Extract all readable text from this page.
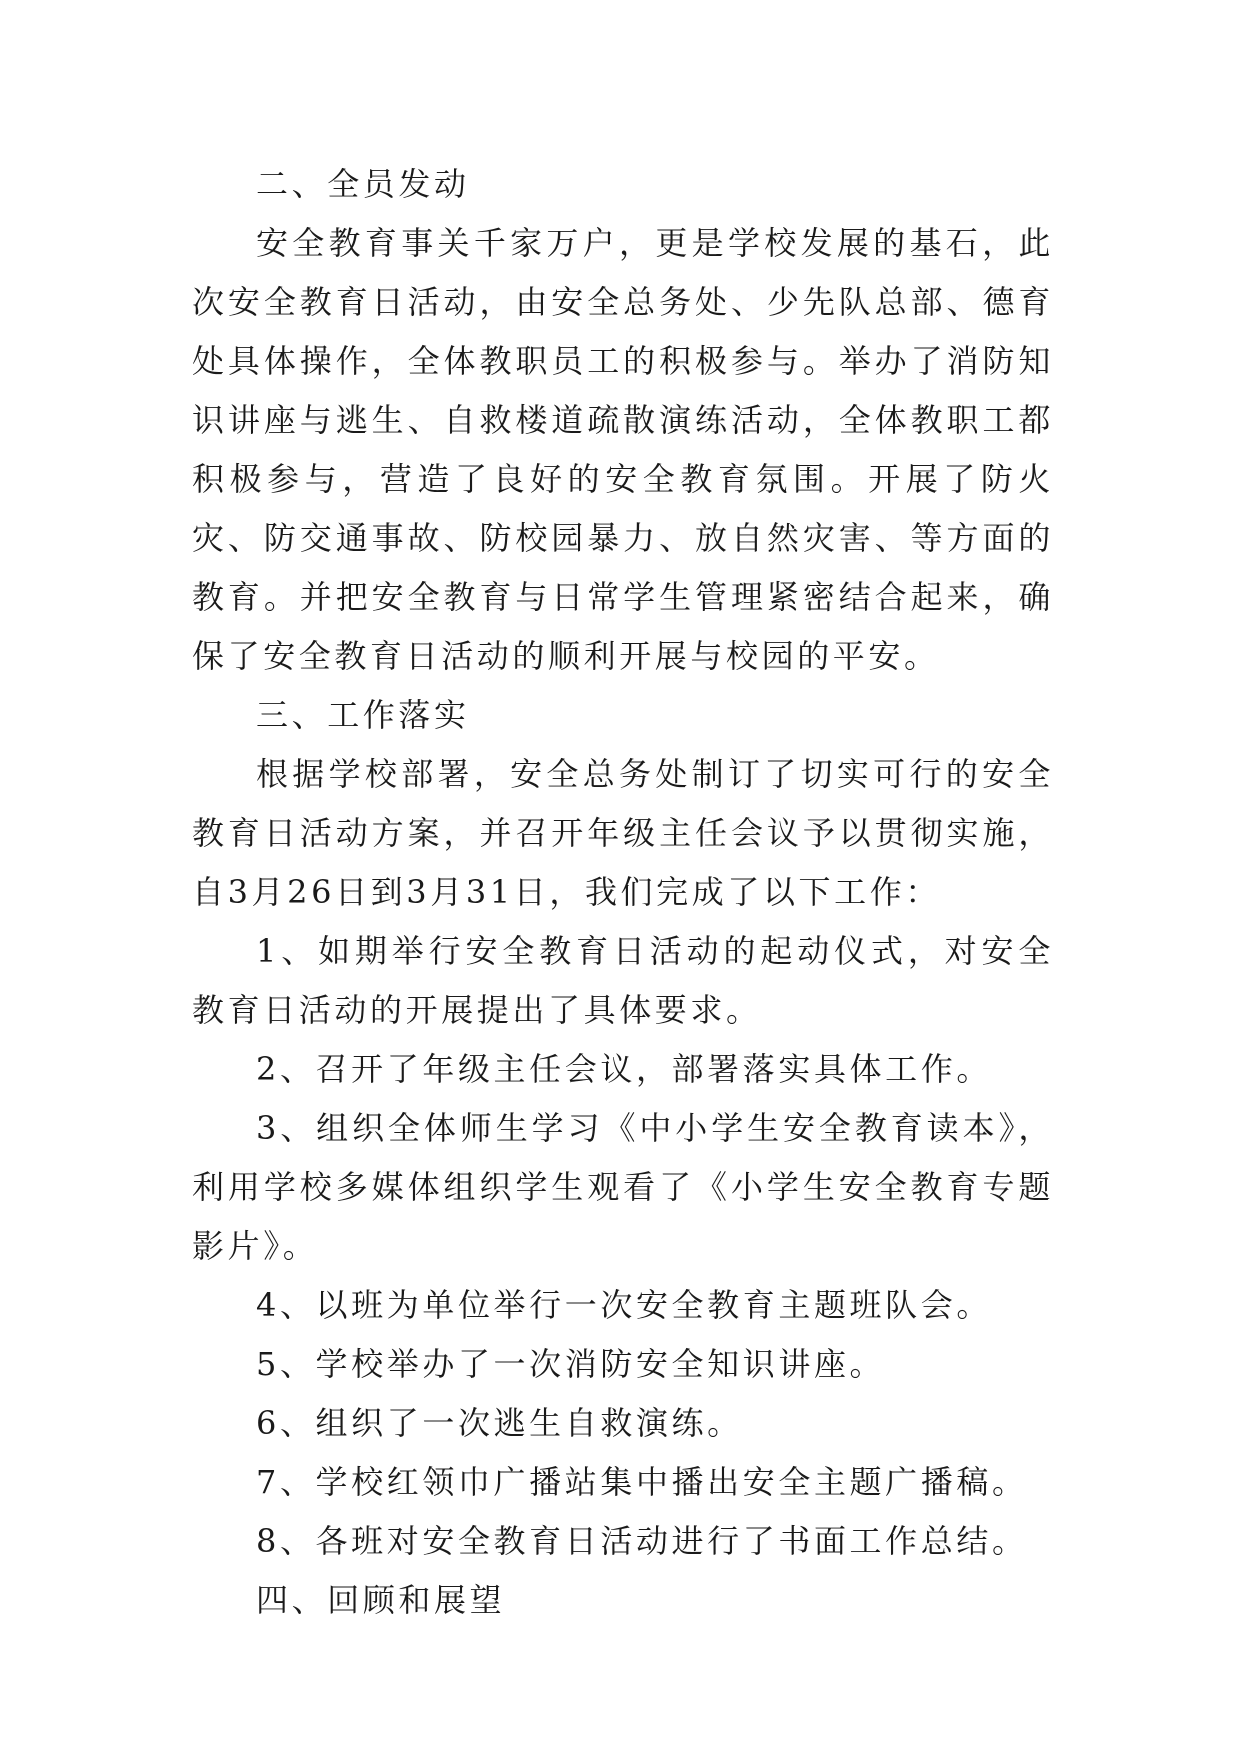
二、全员发动

安全教育事关千家万户，更是学校发展的基石，此次安全教育日活动，由安全总务处、少先队总部、德育处具体操作，全体教职员工的积极参与。举办了消防知识讲座与逃生、自救楼道疏散演练活动，全体教职工都积极参与，营造了良好的安全教育氛围。开展了防火灾、防交通事故、防校园暴力、放自然灾害、等方面的教育。并把安全教育与日常学生管理紧密结合起来，确保了安全教育日活动的顺利开展与校园的平安。

三、工作落实

根据学校部署，安全总务处制订了切实可行的安全教育日活动方案，并召开年级主任会议予以贯彻实施，自3月26日到3月31日，我们完成了以下工作：

1、如期举行安全教育日活动的起动仪式，对安全教育日活动的开展提出了具体要求。

2、召开了年级主任会议，部署落实具体工作。

3、组织全体师生学习《中小学生安全教育读本》，利用学校多媒体组织学生观看了《小学生安全教育专题影片》。

4、以班为单位举行一次安全教育主题班队会。

5、学校举办了一次消防安全知识讲座。

6、组织了一次逃生自救演练。

7、学校红领巾广播站集中播出安全主题广播稿。

8、各班对安全教育日活动进行了书面工作总结。

四、回顾和展望
